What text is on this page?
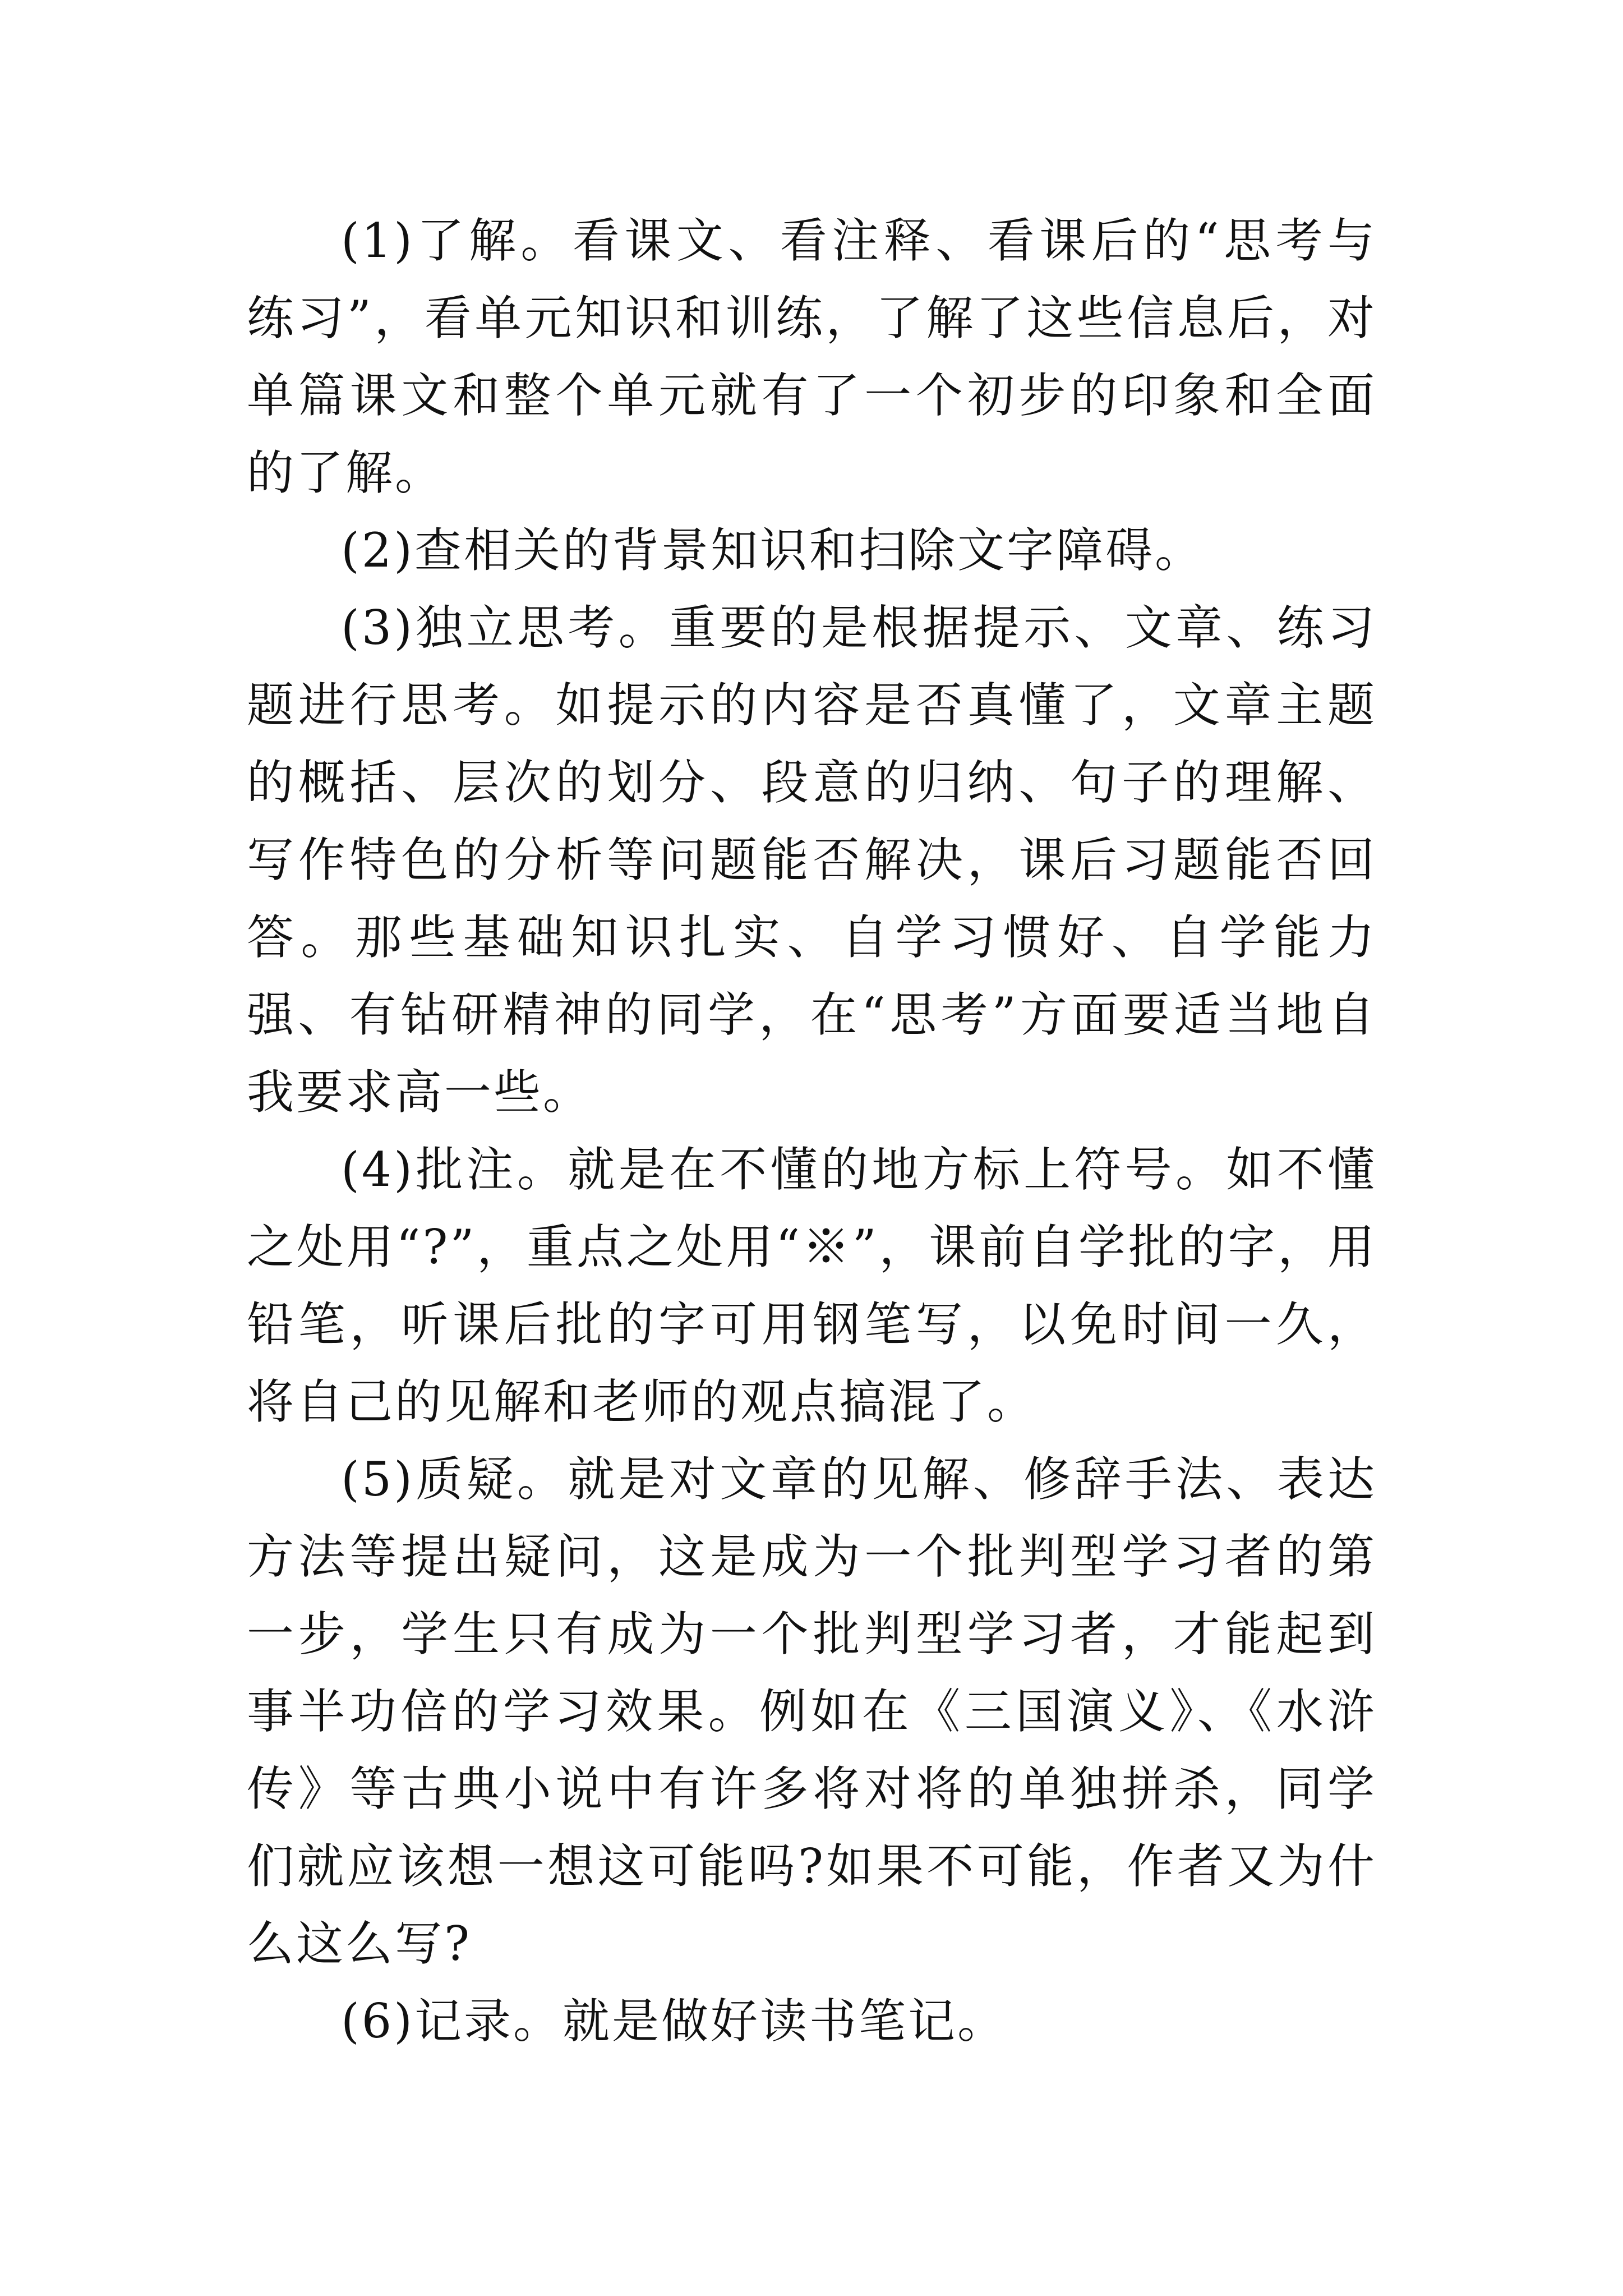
(1)了解。看课文、看注释、看课后的“思考与练习”，看单元知识和训练，了解了这些信息后，对单篇课文和整个单元就有了一个初步的印象和全面的了解。

(2)查相关的背景知识和扫除文字障碍。

(3)独立思考。重要的是根据提示、文章、练习题进行思考。如提示的内容是否真懂了，文章主题的概括、层次的划分、段意的归纳、句子的理解、写作特色的分析等问题能否解决，课后习题能否回答。那些基础知识扎实、自学习惯好、自学能力强、有钻研精神的同学，在“思考”方面要适当地自我要求高一些。

(4)批注。就是在不懂的地方标上符号。如不懂之处用“?”，重点之处用“※”，课前自学批的字，用铅笔，听课后批的字可用钢笔写，以免时间一久，将自己的见解和老师的观点搞混了。

(5)质疑。就是对文章的见解、修辞手法、表达方法等提出疑问，这是成为一个批判型学习者的第一步，学生只有成为一个批判型学习者，才能起到事半功倍的学习效果。例如在《三国演义》、《水浒传》等古典小说中有许多将对将的单独拼杀，同学们就应该想一想这可能吗?如果不可能，作者又为什么这么写?

(6)记录。就是做好读书笔记。
